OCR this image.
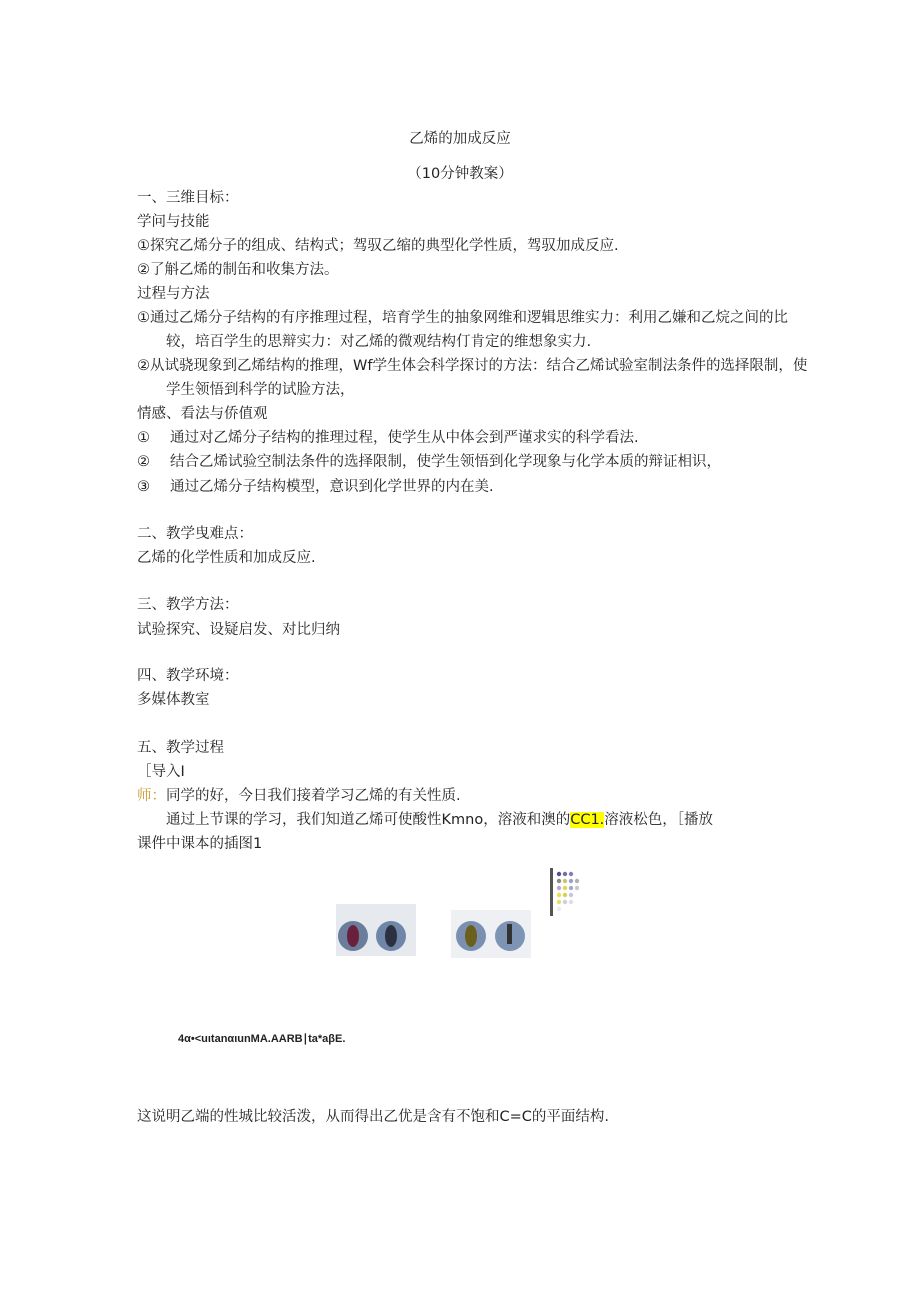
乙烯的加成反应
（10分钟教案）
一、三维目标：
学问与技能
①探究乙烯分子的组成、结构式；驾驭乙缩的典型化学性质，驾驭加成反应.
②了斛乙烯的制缶和收集方法。
过程与方法
①通过乙烯分子结构的有序推理过程，培育学生的抽象网维和逻辑思维实力：利用乙嫌和乙烷之间的比
较，培百学生的思辩实力：对乙烯的微观结构仃肯定的维想象实力.
②从试骁现象到乙烯结构的推理，Wf学生体会科学探讨的方法：结合乙烯试验室制法条件的选择限制，使
学生领悟到科学的试脸方法，
情感、看法与侨值观
① 通过对乙烯分子结构的推理过程，使学生从中体会到严谨求实的科学看法.
② 结合乙烯试验空制法条件的选择限制，使学生领悟到化学现象与化学本质的辩证相识，
③ 通过乙烯分子结构模型，意识到化学世界的内在美.
二、教学曳难点：
乙烯的化学性质和加成反应.
三、教学方法：
试验探究、设疑启发、对比归纳
四、教学环境：
多媒体教室
五、教学过程
［导入I
师：同学的好，今日我们接着学习乙烯的有关性质.
通过上节课的学习，我们知道乙烯可使酸性Kmno，溶液和澳的CC1.溶液松色，［播放
课件中课本的插图1
4α•<uιtanαιunMA.AARB∣ta*aβE.
这说明乙端的性城比较活泼，从而得出乙优是含有不饱和C=C的平面结构.
